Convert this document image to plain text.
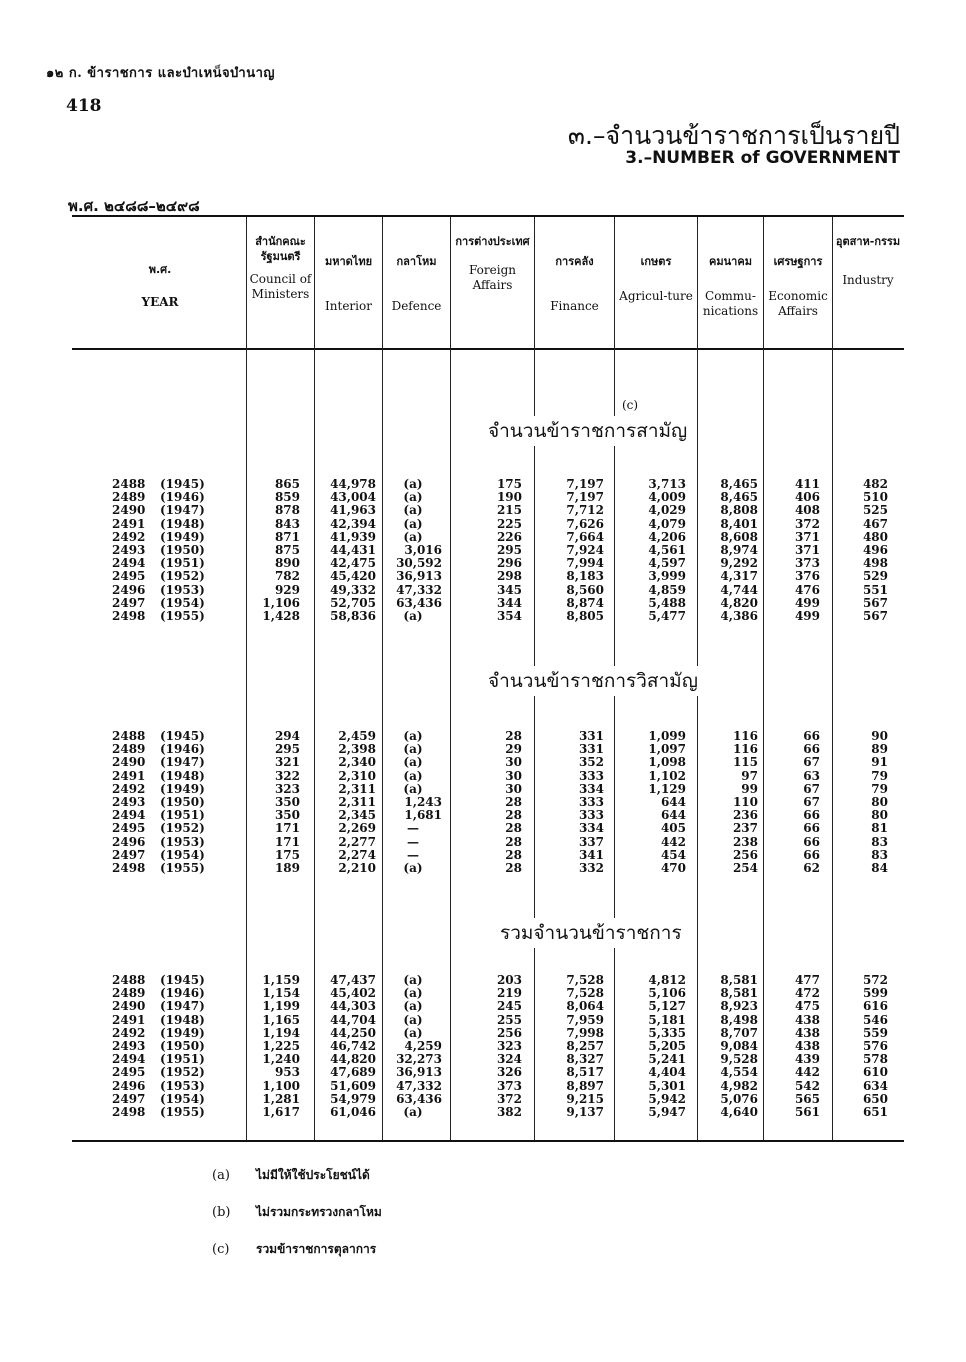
๑๒ ก. ข้าราชการ และบำเหน็จบำนาญ
418
๓.–จำนวนข้าราชการเป็นรายปี
3.–NUMBER of GOVERNMENT
พ.ศ. ๒๔๘๘–๒๔๙๘
พ.ศ.
YEAR
สำนักคณะรัฐมนตรี
Council of Ministers
มหาดไทย
Interior
กลาโหม
Defence
การต่างประเทศ
Foreign Affairs
การคลัง
Finance
เกษตร
Agricul-ture
คมนาคม
Commu-nications
เศรษฐการ
Economic Affairs
อุตสาห-กรรม
Industry
(c)
จำนวนข้าราชการสามัญ
จำนวนข้าราชการวิสามัญ
รวมจำนวนข้าราชการ
2488	(1945)	865	44,978	(a)	175	7,197	3,713	8,465	411	482
2489	(1946)	859	43,004	(a)	190	7,197	4,009	8,465	406	510
2490	(1947)	878	41,963	(a)	215	7,712	4,029	8,808	408	525
2491	(1948)	843	42,394	(a)	225	7,626	4,079	8,401	372	467
2492	(1949)	871	41,939	(a)	226	7,664	4,206	8,608	371	480
2493	(1950)	875	44,431	3,016	295	7,924	4,561	8,974	371	496
2494	(1951)	890	42,475	30,592	296	7,994	4,597	9,292	373	498
2495	(1952)	782	45,420	36,913	298	8,183	3,999	4,317	376	529
2496	(1953)	929	49,332	47,332	345	8,560	4,859	4,744	476	551
2497	(1954)	1,106	52,705	63,436	344	8,874	5,488	4,820	499	567
2498	(1955)	1,428	58,836	(a)	354	8,805	5,477	4,386	499	567
2488	(1945)	294	2,459	(a)	28	331	1,099	116	66	90
2489	(1946)	295	2,398	(a)	29	331	1,097	116	66	89
2490	(1947)	321	2,340	(a)	30	352	1,098	115	67	91
2491	(1948)	322	2,310	(a)	30	333	1,102	97	63	79
2492	(1949)	323	2,311	(a)	30	334	1,129	99	67	79
2493	(1950)	350	2,311	1,243	28	333	644	110	67	80
2494	(1951)	350	2,345	1,681	28	333	644	236	66	80
2495	(1952)	171	2,269	—	28	334	405	237	66	81
2496	(1953)	171	2,277	—	28	337	442	238	66	83
2497	(1954)	175	2,274	—	28	341	454	256	66	83
2498	(1955)	189	2,210	(a)	28	332	470	254	62	84
2488	(1945)	1,159	47,437	(a)	203	7,528	4,812	8,581	477	572
2489	(1946)	1,154	45,402	(a)	219	7,528	5,106	8,581	472	599
2490	(1947)	1,199	44,303	(a)	245	8,064	5,127	8,923	475	616
2491	(1948)	1,165	44,704	(a)	255	7,959	5,181	8,498	438	546
2492	(1949)	1,194	44,250	(a)	256	7,998	5,335	8,707	438	559
2493	(1950)	1,225	46,742	4,259	323	8,257	5,205	9,084	438	576
2494	(1951)	1,240	44,820	32,273	324	8,327	5,241	9,528	439	578
2495	(1952)	953	47,689	36,913	326	8,517	4,404	4,554	442	610
2496	(1953)	1,100	51,609	47,332	373	8,897	5,301	4,982	542	634
2497	(1954)	1,281	54,979	63,436	372	9,215	5,942	5,076	565	650
2498	(1955)	1,617	61,046	(a)	382	9,137	5,947	4,640	561	651
(a) ไม่มีให้ใช้ประโยชน์ได้
(b) ไม่รวมกระทรวงกลาโหม
(c) รวมข้าราชการตุลาการ
